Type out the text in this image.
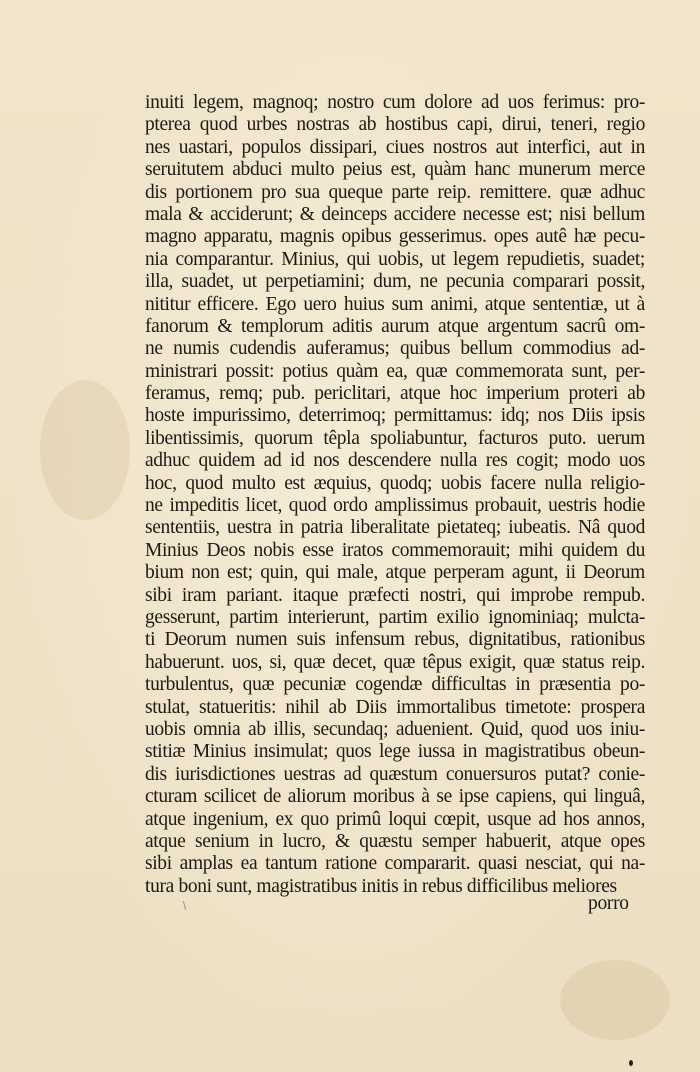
inuiti legem, magnoq; nostro cum dolore ad uos ferimus: pro-
pterea quod urbes nostras ab hostibus capi, dirui, teneri, regio
nes uastari, populos dissipari, ciues nostros aut interfici, aut in
seruitutem abduci multo peius est, quàm hanc munerum merce
dis portionem pro sua queque parte reip. remittere. quæ adhuc
mala & acciderunt; & deinceps accidere necesse est; nisi bellum
magno apparatu, magnis opibus gesserimus. opes autê hæ pecu-
nia comparantur. Minius, qui uobis, ut legem repudietis, suadet;
illa, suadet, ut perpetiamini; dum, ne pecunia comparari possit,
nititur efficere. Ego uero huius sum animi, atque sententiæ, ut à
fanorum & templorum aditis aurum atque argentum sacrû om-
ne numis cudendis auferamus; quibus bellum commodius ad-
ministrari possit: potius quàm ea, quæ commemorata sunt, per-
feramus, remq; pub. periclitari, atque hoc imperium proteri ab
hoste impurissimo, deterrimoq; permittamus: idq; nos Diis ipsis
libentissimis, quorum têpla spoliabuntur, facturos puto. uerum
adhuc quidem ad id nos descendere nulla res cogit; modo uos
hoc, quod multo est æquius, quodq; uobis facere nulla religio-
ne impeditis licet, quod ordo amplissimus probauit, uestris hodie
sententiis, uestra in patria liberalitate pietateq; iubeatis. Nâ quod
Minius Deos nobis esse iratos commemorauit; mihi quidem du
bium non est; quin, qui male, atque perperam agunt, ii Deorum
sibi iram pariant. itaque præfecti nostri, qui improbe rempub.
gesserunt, partim interierunt, partim exilio ignominiaq; mulcta-
ti Deorum numen suis infensum rebus, dignitatibus, rationibus
habuerunt. uos, si, quæ decet, quæ têpus exigit, quæ status reip.
turbulentus, quæ pecuniæ cogendæ difficultas in præsentia po-
stulat, statueritis: nihil ab Diis immortalibus timetote: prospera
uobis omnia ab illis, secundaq; aduenient. Quid, quod uos iniu-
stitiæ Minius insimulat; quos lege iussa in magistratibus obeun-
dis iurisdictiones uestras ad quæstum conuersuros putat? conie-
cturam scilicet de aliorum moribus à se ipse capiens, qui linguâ,
atque ingenium, ex quo primû loqui cœpit, usque ad hos annos,
atque senium in lucro, & quæstu semper habuerit, atque opes
sibi amplas ea tantum ratione compararit. quasi nesciat, qui na-
tura boni sunt, magistratibus initis in rebus difficilibus meliores
porro
